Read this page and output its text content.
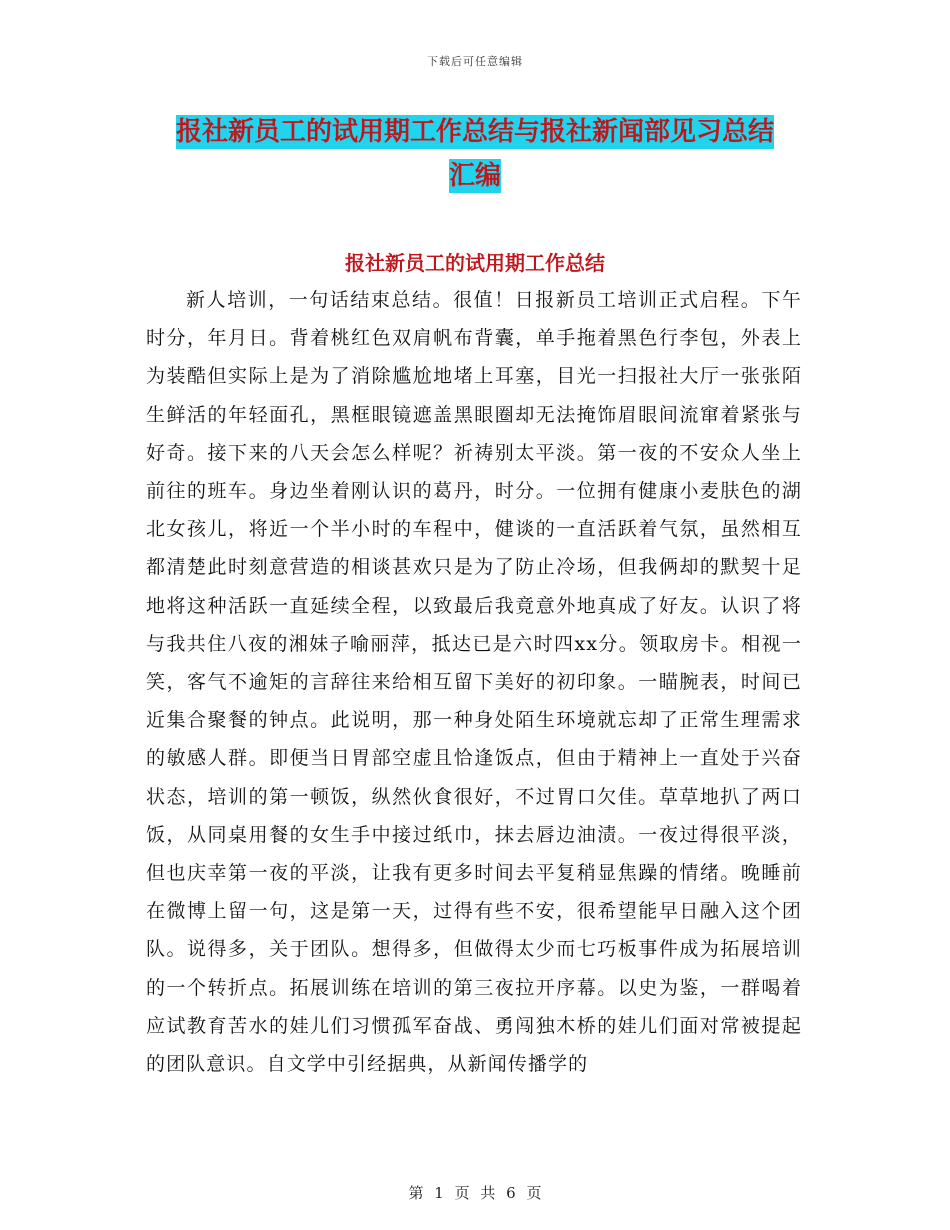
下载后可任意编辑
报社新员工的试用期工作总结与报社新闻部见习总结
汇编
报社新员工的试用期工作总结

新人培训，一句话结束总结。很值！日报新员工培训正式启程。下午时分，年月日。背着桃红色双肩帆布背囊，单手拖着黑色行李包，外表上为装酷但实际上是为了消除尴尬地堵上耳塞，目光一扫报社大厅一张张陌生鲜活的年轻面孔，黑框眼镜遮盖黑眼圈却无法掩饰眉眼间流窜着紧张与好奇。接下来的八天会怎么样呢？祈祷别太平淡。第一夜的不安众人坐上前往的班车。身边坐着刚认识的葛丹，时分。一位拥有健康小麦肤色的湖北女孩儿，将近一个半小时的车程中，健谈的一直活跃着气氛，虽然相互都清楚此时刻意营造的相谈甚欢只是为了防止冷场，但我俩却的默契十足地将这种活跃一直延续全程，以致最后我竟意外地真成了好友。认识了将与我共住八夜的湘妹子喻丽萍，抵达已是六时四xx分。领取房卡。相视一笑，客气不逾矩的言辞往来给相互留下美好的初印象。一瞄腕表，时间已近集合聚餐的钟点。此说明，那一种身处陌生环境就忘却了正常生理需求的敏感人群。即便当日胃部空虚且恰逢饭点，但由于精神上一直处于兴奋状态，培训的第一顿饭，纵然伙食很好，不过胃口欠佳。草草地扒了两口饭，从同桌用餐的女生手中接过纸巾，抹去唇边油渍。一夜过得很平淡，但也庆幸第一夜的平淡，让我有更多时间去平复稍显焦躁的情绪。晚睡前在微博上留一句，这是第一天，过得有些不安，很希望能早日融入这个团队。说得多，关于团队。想得多，但做得太少而七巧板事件成为拓展培训的一个转折点。拓展训练在培训的第三夜拉开序幕。以史为鉴，一群喝着应试教育苦水的娃儿们习惯孤军奋战、勇闯独木桥的娃儿们面对常被提起的团队意识。自文学中引经据典，从新闻传播学的

第 1 页 共 6 页
